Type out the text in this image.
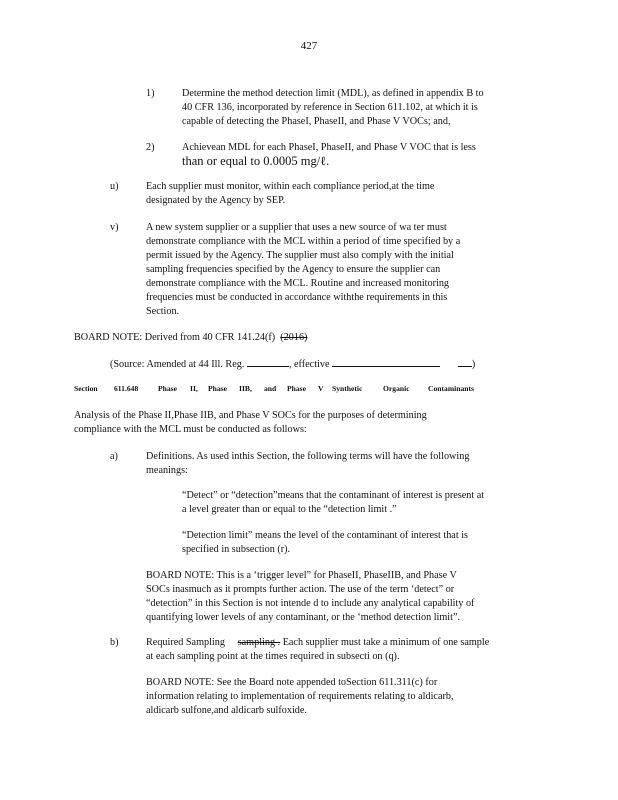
427
1)	Determine the method detection limit (MDL), as defined in appendix B to
40 CFR 136, incorporated by reference in Section 611.102, at which it is
capable of detecting the PhaseI, PhaseII, and Phase V VOCs; and,
2)	Achievean MDL for each PhaseI, PhaseII, and Phase V VOC that is less
than or equal to 0.0005 mg/ℓ.
u)	Each supplier must monitor, within each compliance period,at the time
designated by the Agency by SEP.
v)	A new system supplier or a supplier that uses a new source of wa ter must
demonstrate compliance with the MCL within a period of time specified by a
permit issued by the Agency. The supplier must also comply with the initial
sampling frequencies specified by the Agency to ensure the supplier can
demonstrate compliance with the MCL. Routine and increased monitoring
frequencies must be conducted in accordance withthe requirements in this
Section.
BOARD NOTE: Derived from 40 CFR 141.24(f) (2016)
(Source: Amended at 44 Ill. Reg.	, effective	)
Section 611.648	Phase II, Phase IIB, and Phase V Synthetic	Organic Contaminants
Analysis of the Phase II,Phase IIB, and Phase V SOCs for the purposes of determining
compliance with the MCL must be conducted as follows:
a)	Definitions. As used inthis Section, the following terms will have the following
meanings:
“Detect” or “detection”means that the contaminant of interest is present at
a level greater than or equal to the “detection limit .”
“Detection limit” means the level of the contaminant of interest that is
specified in subsection (r).
BOARD NOTE: This is a ‘trigger level” for PhaseII, PhaseIIB, and Phase V
SOCs inasmuch as it prompts further action. The use of the term ‘detect” or
“detection” in this Section is not intende d to include any analytical capability of
quantifying lower levels of any contaminant, or the ‘method detection limit”.
b)	Required Sampling sampling . Each supplier must take a minimum of one sample
at each sampling point at the times required in subsecti on (q).
BOARD NOTE: See the Board note appended toSection 611.311(c) for
information relating to implementation of requirements relating to aldicarb,
aldicarb sulfone,and aldicarb sulfoxide.
